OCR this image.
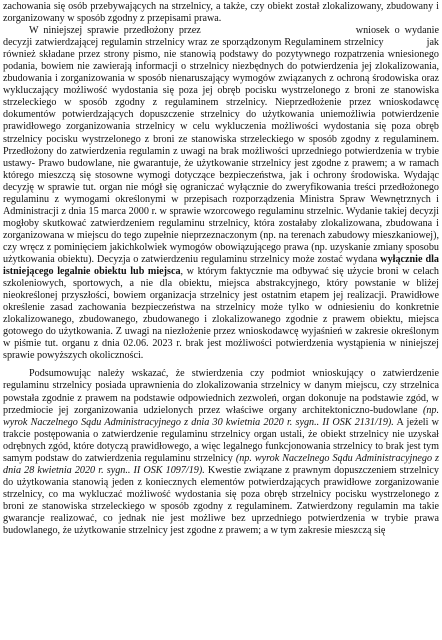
zachowania się osób przebywających na strzelnicy, a także, czy obiekt został zlokalizowany, zbudowany i zorganizowany w sposób zgodny z przepisami prawa.

W niniejszej sprawie przedłożony przez	wniosek o wydanie decyzji zatwierdzającej regulamin strzelnicy wraz ze sporządzonym Regulaminem strzelnicy	jak również składane przez strony pismo, nie stanowią podstawy do pozytywnego rozpatrzenia wniesionego podania, bowiem nie zawierają informacji o strzelnicy niezbędnych do potwierdzenia jej zlokalizowania, zbudowania i zorganizowania w sposób nienaruszający wymogów związanych z ochroną środowiska oraz wykluczający możliwość wydostania się poza jej obręb pocisku wystrzelonego z broni ze stanowiska strzeleckiego w sposób zgodny z regulaminem strzelnicy. Nieprzedłożenie przez wnioskodawcę dokumentów potwierdzających dopuszczenie strzelnicy do użytkowania uniemożliwia potwierdzenie prawidłowego zorganizowania strzelnicy w celu wykluczenia możliwości wydostania się poza obręb strzelnicy pocisku wystrzelonego z broni ze stanowiska strzeleckiego w sposób zgodny z regulaminem. Przedłożony do zatwierdzenia regulamin z uwagi na brak możliwości uprzedniego potwierdzenia w trybie ustawy- Prawo budowlane, nie gwarantuje, że użytkowanie strzelnicy jest zgodne z prawem; a w ramach którego mieszczą się stosowne wymogi dotyczące bezpieczeństwa, jak i ochrony środowiska. Wydając decyzję w sprawie tut. organ nie mógł się ograniczać wyłącznie do zweryfikowania treści przedłożonego regulaminu z wymogami określonymi w przepisach rozporządzenia Ministra Spraw Wewnętrznych i Administracji z dnia 15 marca 2000 r. w sprawie wzorcowego regulaminu strzelnic. Wydanie takiej decyzji mogłoby skutkować zatwierdzeniem regulaminu strzelnicy, która zostałaby zlokalizowana, zbudowana i zorganizowana w miejscu do tego zupełnie nieprzeznaczonym (np. na terenach zabudowy mieszkaniowej), czy wręcz z pominięciem jakichkolwiek wymogów obowiązującego prawa (np. uzyskanie zmiany sposobu użytkowania obiektu). Decyzja o zatwierdzeniu regulaminu strzelnicy może zostać wydana wyłącznie dla istniejącego legalnie obiektu lub miejsca, w którym faktycznie ma odbywać się użycie broni w celach szkoleniowych, sportowych, a nie dla obiektu, miejsca abstrakcyjnego, który powstanie w bliżej nieokreślonej przyszłości, bowiem organizacja strzelnicy jest ostatnim etapem jej realizacji. Prawidłowe określenie zasad zachowania bezpieczeństwa na strzelnicy może tylko w odniesieniu do konkretnie zlokalizowanego, zbudowanego, zbudowanego i zlokalizowanego zgodnie z prawem obiektu, miejsca gotowego do użytkowania. Z uwagi na niezłożenie przez wnioskodawcę wyjaśnień w zakresie określonym w piśmie tut. organu z dnia 02.06. 2023 r. brak jest możliwości potwierdzenia wystąpienia w niniejszej sprawie powyższych okoliczności.

Podsumowując należy wskazać, że stwierdzenia czy podmiot wnioskujący o zatwierdzenie regulaminu strzelnicy posiada uprawnienia do zlokalizowania strzelnicy w danym miejscu, czy strzelnica powstała zgodnie z prawem na podstawie odpowiednich zezwoleń, organ dokonuje na podstawie zgód, w przedmiocie jej zorganizowania udzielonych przez właściwe organy architektoniczno-budowlane (np. wyrok Naczelnego Sądu Administracyjnego z dnia 30 kwietnia 2020 r. sygn.. II OSK 2131/19). A jeżeli w trakcie postępowania o zatwierdzenie regulaminu strzelnicy organ ustali, że obiekt strzelnicy nie uzyskał odrębnych zgód, które dotyczą prawidłowego, a więc legalnego funkcjonowania strzelnicy to brak jest tym samym podstaw do zatwierdzenia regulaminu strzelnicy (np. wyrok Naczelnego Sądu Administracyjnego z dnia 28 kwietnia 2020 r. sygn.. II OSK 1097/19). Kwestie związane z prawnym dopuszczeniem strzelnicy do użytkowania stanowią jeden z koniecznych elementów potwierdzających prawidłowe zorganizowanie strzelnicy, co ma wykluczać możliwość wydostania się poza obręb strzelnicy pocisku wystrzelonego z broni ze stanowiska strzeleckiego w sposób zgodny z regulaminem. Zatwierdzony regulamin ma takie gwarancje realizować, co jednak nie jest możliwe bez uprzedniego potwierdzenia w trybie prawa budowlanego, że użytkowanie strzelnicy jest zgodne z prawem; a w tym zakresie mieszczą się
